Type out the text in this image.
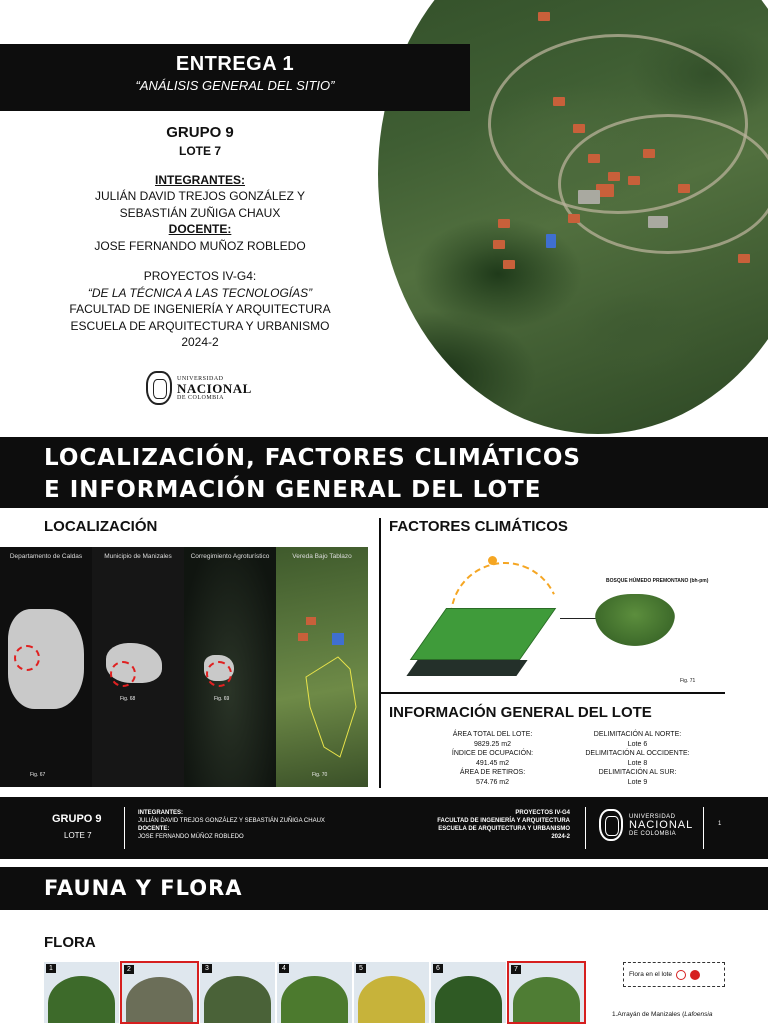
ENTREGA 1
“ANÁLISIS GENERAL DEL SITIO”
GRUPO 9
LOTE 7
INTEGRANTES:
JULIÁN DAVID TREJOS GONZÁLEZ Y
SEBASTIÁN ZUÑIGA CHAUX
DOCENTE:
JOSE FERNANDO MUÑOZ ROBLEDO
PROYECTOS IV-G4:
“DE LA TÉCNICA A LAS TECNOLOGÍAS”
FACULTAD DE INGENIERÍA Y ARQUITECTURA
ESCUELA DE ARQUITECTURA Y URBANISMO
2024-2
UNIVERSIDAD
NACIONAL
DE COLOMBIA
LOCALIZACIÓN, FACTORES CLIMÁTICOS
E INFORMACIÓN GENERAL DEL LOTE
LOCALIZACIÓN	FACTORES CLIMÁTICOS
INFORMACIÓN GENERAL DEL LOTE
Departamento de Caldas
Fig. 67
Municipio de Manizales
Fig. 68
Corregimiento Agroturístico
Fig. 69
Vereda Bajo Tablazo
Fig. 70
BOSQUE HÚMEDO PREMONTANO (bh-pm)
Fig. 71
ÁREA TOTAL DEL LOTE:
9829.25 m2
ÍNDICE DE OCUPACIÓN:
491.45 m2
ÁREA DE RETIROS:
574.76 m2
DELIMITACIÓN AL NORTE:
Lote 6
DELIMITACIÓN AL OCCIDENTE:
Lote 8
DELIMITACIÓN AL SUR:
Lote 9
GRUPO 9
LOTE 7
INTEGRANTES:
JULIÁN DAVID TREJOS GONZÁLEZ Y SEBASTIÁN ZUÑIGA CHAUX
DOCENTE:
JOSE FERNANDO MÚÑOZ ROBLEDO
PROYECTOS IV-G4
FACULTAD DE INGENIERÍA Y ARQUITECTURA
ESCUELA DE ARQUITECTURA Y URBANISMO
2024-2
UNIVERSIDAD
NACIONAL
DE COLOMBIA
1
FAUNA Y FLORA
FLORA
1	2	3	4	5	6	7
Flora en el lote
1.Arrayán de Manizales (Lafoensia
